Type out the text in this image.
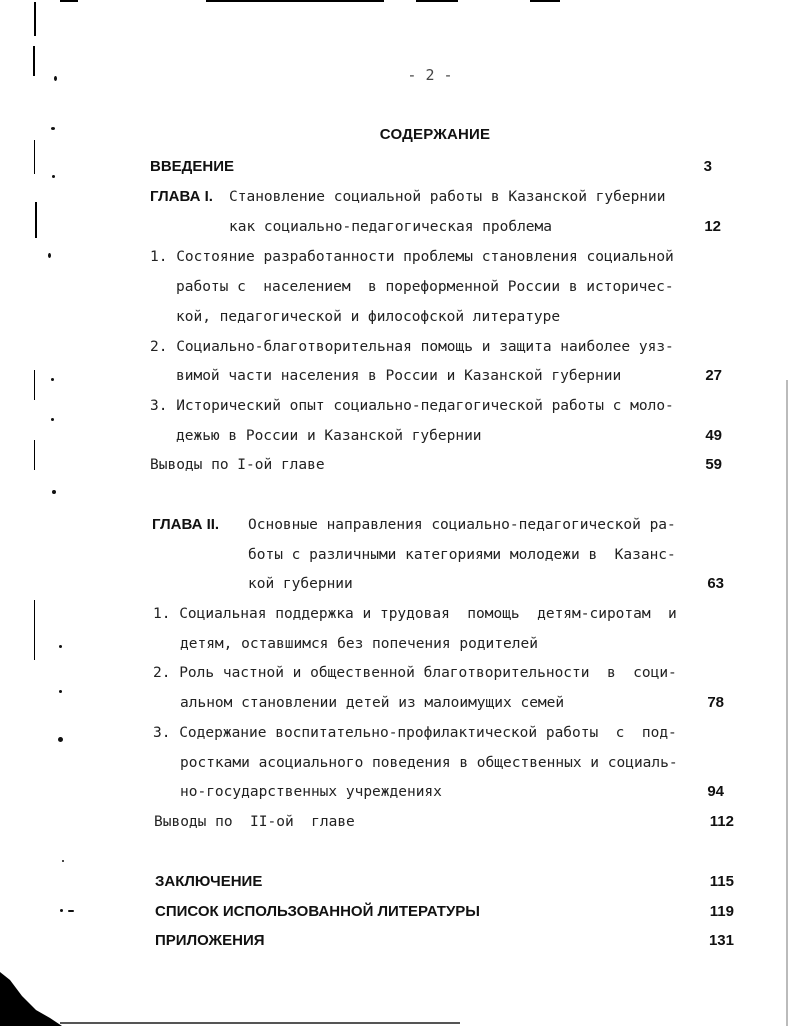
- 2 -
СОДЕРЖАНИЕ
ВВЕДЕНИЕ	3
ГЛАВА I. Становление социальной работы в Казанской губернии
как социально-педагогическая проблема	12
1. Состояние разработанности проблемы становления социальной
работы с  населением  в пореформенной России в историчес-
кой, педагогической и философской литературе
2. Социально-благотворительная помощь и защита наиболее уяз-
вимой части населения в России и Казанской губернии	27
3. Исторический опыт социально-педагогической работы с моло-
дежью в России и Казанской губернии	49
Выводы по I-ой главе	59
ГЛАВА II. Основные направления социально-педагогической ра-
боты с различными категориями молодежи в  Казанс-
кой губернии	63
1. Социальная поддержка и трудовая  помощь  детям-сиротам  и
детям, оставшимся без попечения родителей
2. Роль частной и общественной благотворительности  в  соци-
альном становлении детей из малоимущих семей	78
3. Содержание воспитательно-профилактической работы  с  под-
ростками асоциального поведения в общественных и социаль-
но-государственных учреждениях	94
Выводы по  II-ой  главе	112
ЗАКЛЮЧЕНИЕ	115
СПИСОК ИСПОЛЬЗОВАННОЙ ЛИТЕРАТУРЫ	119
ПРИЛОЖЕНИЯ	131
